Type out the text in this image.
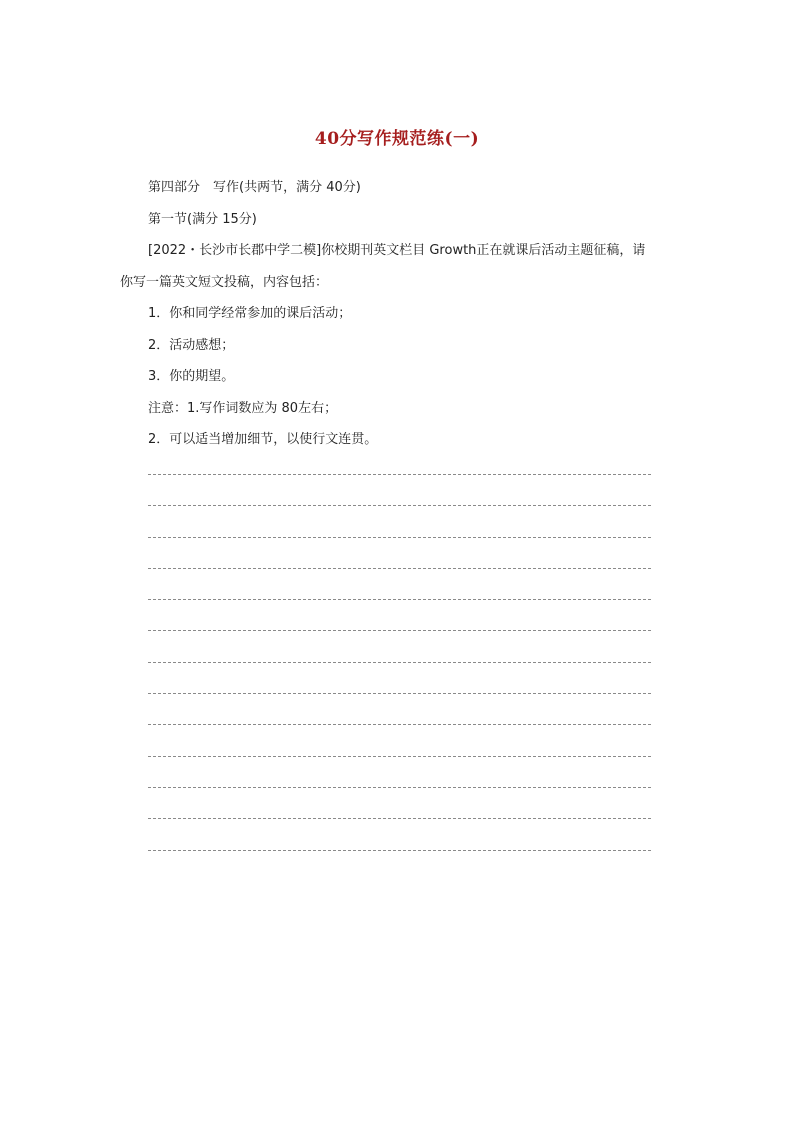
40分写作规范练(一)
第四部分　写作(共两节，满分 40分)
第一节(满分 15分)
[2022・长沙市长郡中学二模]你校期刊英文栏目 Growth正在就课后活动主题征稿，请
你写一篇英文短文投稿，内容包括：
1．你和同学经常参加的课后活动；
2．活动感想；
3．你的期望。
注意：1.写作词数应为 80左右；
2．可以适当增加细节，以使行文连贯。
